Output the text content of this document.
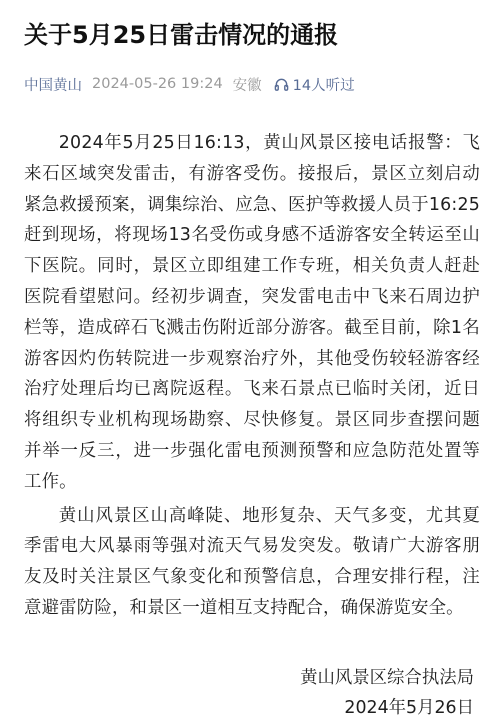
关于5月25日雷击情况的通报
中国黄山 2024-05-26 19:24 安徽 14人听过

2024年5月25日16:13，黄山风景区接电话报警：飞来石区域突发雷击，有游客受伤。接报后，景区立刻启动紧急救援预案，调集综治、应急、医护等救援人员于16:25赶到现场，将现场13名受伤或身感不适游客安全转运至山下医院。同时，景区立即组建工作专班，相关负责人赶赴医院看望慰问。经初步调查，突发雷电击中飞来石周边护栏等，造成碎石飞溅击伤附近部分游客。截至目前，除1名游客因灼伤转院进一步观察治疗外，其他受伤较轻游客经治疗处理后均已离院返程。飞来石景点已临时关闭，近日将组织专业机构现场勘察、尽快修复。景区同步查摆问题并举一反三，进一步强化雷电预测预警和应急防范处置等工作。

黄山风景区山高峰陡、地形复杂、天气多变，尤其夏季雷电大风暴雨等强对流天气易发突发。敬请广大游客朋友及时关注景区气象变化和预警信息，合理安排行程，注意避雷防险，和景区一道相互支持配合，确保游览安全。

黄山风景区综合执法局
2024年5月26日
